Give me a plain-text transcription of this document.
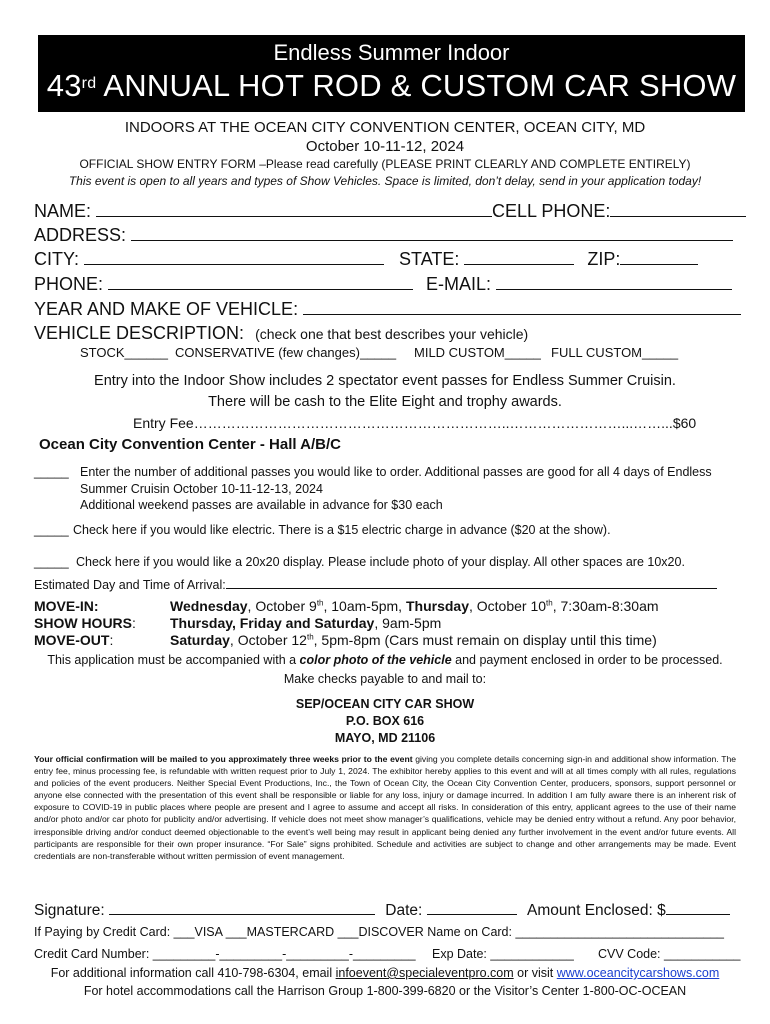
Endless Summer Indoor
43rd ANNUAL HOT ROD & CUSTOM CAR SHOW
INDOORS AT THE OCEAN CITY CONVENTION CENTER, OCEAN CITY, MD
October 10-11-12, 2024
OFFICIAL SHOW ENTRY FORM –Please read carefully (PLEASE PRINT CLEARLY AND COMPLETE ENTIRELY)
This event is open to all years and types of Show Vehicles. Space is limited, don’t delay, send in your application today!
NAME:	CELL PHONE:
ADDRESS:
CITY:	STATE:	ZIP:
PHONE:	E-MAIL:
YEAR AND MAKE OF VEHICLE:
VEHICLE DESCRIPTION: (check one that best describes your vehicle)
STOCK______ CONSERVATIVE (few changes)_____ MILD CUSTOM_____ FULL CUSTOM_____
Entry into the Indoor Show includes 2 spectator event passes for Endless Summer Cruisin.
There will be cash to the Elite Eight and trophy awards.
Entry Fee…………………………………………………………..……………………...……...$60
Ocean City Convention Center - Hall A/B/C
_____ Enter the number of additional passes you would like to order. Additional passes are good for all 4 days of Endless
Summer Cruisin October 10-11-12-13, 2024
Additional weekend passes are available in advance for $30 each
_____ Check here if you would like electric. There is a $15 electric charge in advance ($20 at the show).
_____ Check here if you would like a 20x20 display. Please include photo of your display. All other spaces are 10x20.
Estimated Day and Time of Arrival:
MOVE-IN:	Wednesday, October 9th, 10am-5pm, Thursday, October 10th, 7:30am-8:30am
SHOW HOURS: Thursday, Friday and Saturday, 9am-5pm
MOVE-OUT:	Saturday, October 12th, 5pm-8pm (Cars must remain on display until this time)
This application must be accompanied with a color photo of the vehicle and payment enclosed in order to be processed.
Make checks payable to and mail to:
SEP/OCEAN CITY CAR SHOW
P.O. BOX 616
MAYO, MD 21106
Your official confirmation will be mailed to you approximately three weeks prior to the event giving you complete details concerning sign-in and additional show information. The entry fee, minus processing fee, is refundable with written request prior to July 1, 2024. The exhibitor hereby applies to this event and will at all times comply with all rules, regulations and policies of the event producers. Neither Special Event Productions, Inc., the Town of Ocean City, the Ocean City Convention Center, producers, sponsors, support personnel or anyone else connected with the presentation of this event shall be responsible or liable for any loss, injury or damage incurred. In addition I am fully aware there is an inherent risk of exposure to COVID-19 in public places where people are present and I agree to assume and accept all risks. In consideration of this entry, applicant agrees to the use of their name and/or photo and/or car photo for publicity and/or advertising. If vehicle does not meet show manager’s qualifications, vehicle may be denied entry without a refund. Any poor behavior, irresponsible driving and/or conduct deemed objectionable to the event’s well being may result in applicant being denied any further involvement in the event and/or future events. All participants are responsible for their own proper insurance. “For Sale” signs prohibited. Schedule and activities are subject to change and other arrangements may be made. Event credentials are non-transferable without written permission of event management.
Signature:	Date:	Amount Enclosed: $
If Paying by Credit Card: ___VISA ___MASTERCARD ___DISCOVER Name on Card: ______________________________
Credit Card Number: _________-_________-_________-_________ Exp Date: ____________ CVV Code: ___________
For additional information call 410-798-6304, email infoevent@specialeventpro.com or visit www.oceancitycarshows.com
For hotel accommodations call the Harrison Group 1-800-399-6820 or the Visitor’s Center 1-800-OC-OCEAN
